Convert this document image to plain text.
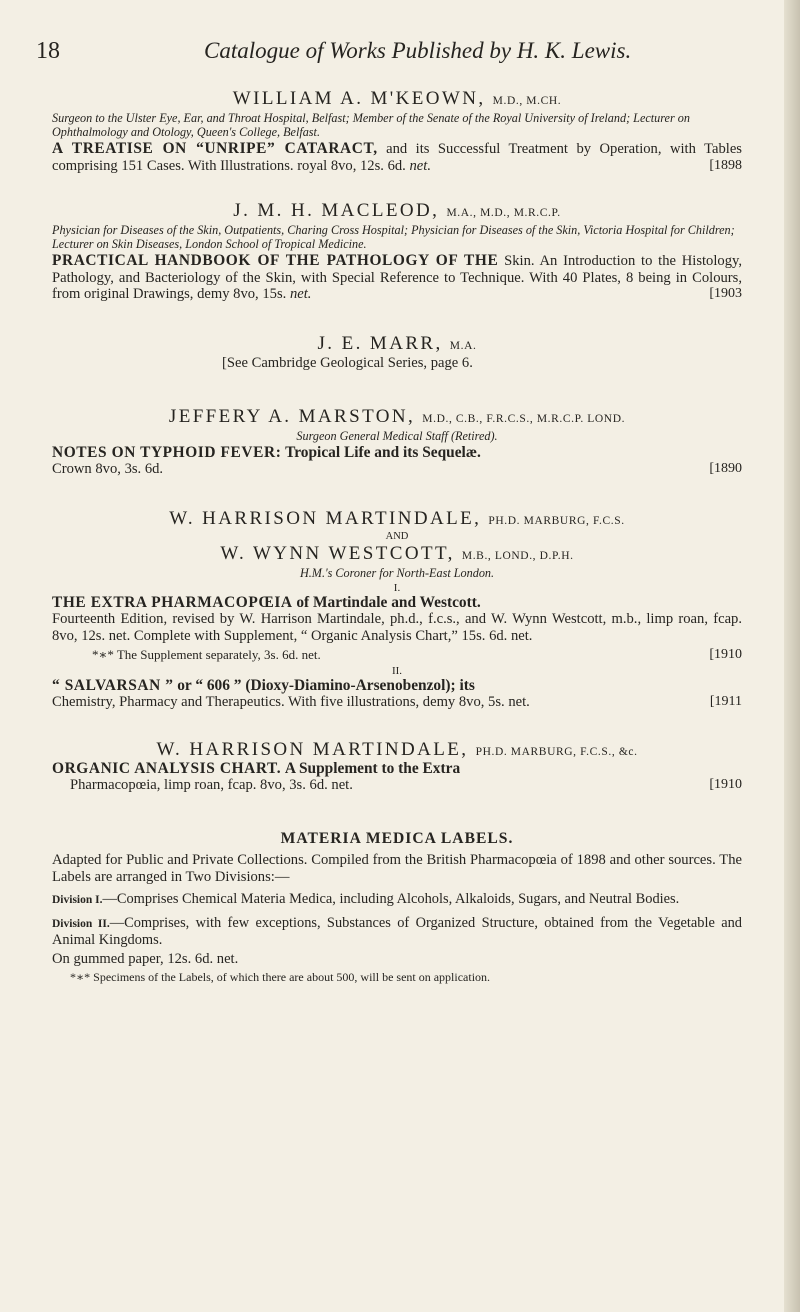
18	Catalogue of Works Published by H. K. Lewis.

WILLIAM A. M'KEOWN, M.D., M.CH.

Surgeon to the Ulster Eye, Ear, and Throat Hospital, Belfast; Member of the Senate of the Royal University of Ireland; Lecturer on Ophthalmology and Otology, Queen's College, Belfast.

A TREATISE ON “UNRIPE” CATARACT, and its Successful Treatment by Operation, with Tables comprising 151 Cases. With Illustrations. royal 8vo, 12s. 6d. net.	[1898

J. M. H. MACLEOD, M.A., M.D., M.R.C.P.

Physician for Diseases of the Skin, Outpatients, Charing Cross Hospital; Physician for Diseases of the Skin, Victoria Hospital for Children; Lecturer on Skin Diseases, London School of Tropical Medicine.

PRACTICAL HANDBOOK OF THE PATHOLOGY OF THE Skin. An Introduction to the Histology, Pathology, and Bacteriology of the Skin, with Special Reference to Technique. With 40 Plates, 8 being in Colours, from original Drawings, demy 8vo, 15s. net.	[1903

J. E. MARR, M.A.

[See Cambridge Geological Series, page 6.

JEFFERY A. MARSTON, M.D., C.B., F.R.C.S., M.R.C.P. LOND.

Surgeon General Medical Staff (Retired).

NOTES ON TYPHOID FEVER: Tropical Life and its Sequelæ.
Crown 8vo, 3s. 6d.	[1890

W. HARRISON MARTINDALE, PH.D. MARBURG, F.C.S.

AND

W. WYNN WESTCOTT, M.B., LOND., D.P.H.

H.M.'s Coroner for North-East London.

I.

THE EXTRA PHARMACOPŒIA of Martindale and Westcott.
Fourteenth Edition, revised by W. Harrison Martindale, ph.d., f.c.s., and W. Wynn Westcott, m.b., limp roan, fcap. 8vo, 12s. net. Complete with Supplement, “ Organic Analysis Chart,” 15s. 6d. net.

*∗* The Supplement separately, 3s. 6d. net.	[1910

II.

“ SALVARSAN ” or “ 606 ” (Dioxy-Diamino-Arsenobenzol); its
Chemistry, Pharmacy and Therapeutics. With five illustrations, demy 8vo, 5s. net.	[1911

W. HARRISON MARTINDALE, PH.D. MARBURG, F.C.S., &c.

ORGANIC ANALYSIS CHART. A Supplement to the Extra
Pharmacopœia, limp roan, fcap. 8vo, 3s. 6d. net.	[1910

MATERIA MEDICA LABELS.

Adapted for Public and Private Collections. Compiled from the British Pharmacopœia of 1898 and other sources. The Labels are arranged in Two Divisions:—

Division I.—Comprises Chemical Materia Medica, including Alcohols, Alkaloids, Sugars, and Neutral Bodies.

Division II.—Comprises, with few exceptions, Substances of Organized Structure, obtained from the Vegetable and Animal Kingdoms.

On gummed paper, 12s. 6d. net.

*∗* Specimens of the Labels, of which there are about 500, will be sent on application.
